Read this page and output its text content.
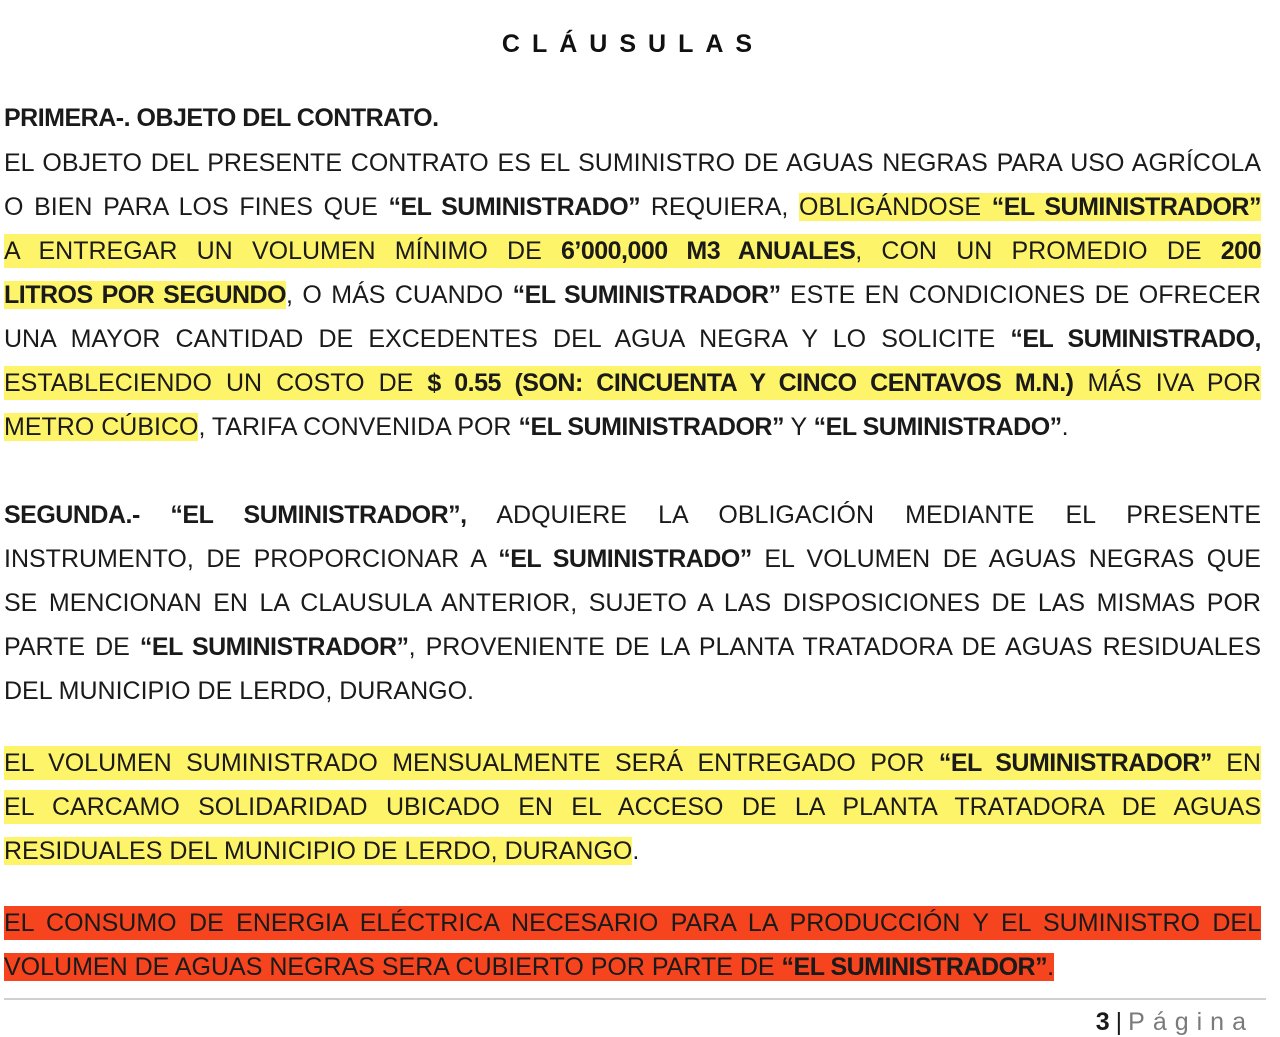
CLÁUSULAS
PRIMERA-. OBJETO DEL CONTRATO.
EL OBJETO DEL PRESENTE CONTRATO ES EL SUMINISTRO DE AGUAS NEGRAS PARA USO AGRÍCOLA
O BIEN PARA LOS FINES QUE “EL SUMINISTRADO” REQUIERA, OBLIGÁNDOSE “EL SUMINISTRADOR”
A ENTREGAR UN VOLUMEN MÍNIMO DE 6’000,000 M3 ANUALES, CON UN PROMEDIO DE 200
LITROS POR SEGUNDO, O MÁS CUANDO “EL SUMINISTRADOR” ESTE EN CONDICIONES DE OFRECER
UNA MAYOR CANTIDAD DE EXCEDENTES DEL AGUA NEGRA Y LO SOLICITE “EL SUMINISTRADO,
ESTABLECIENDO UN COSTO DE $ 0.55 (SON: CINCUENTA Y CINCO CENTAVOS M.N.) MÁS IVA POR
METRO CÚBICO, TARIFA CONVENIDA POR “EL SUMINISTRADOR” Y “EL SUMINISTRADO”.
SEGUNDA.- “EL SUMINISTRADOR”, ADQUIERE LA OBLIGACIÓN MEDIANTE EL PRESENTE
INSTRUMENTO, DE PROPORCIONAR A “EL SUMINISTRADO” EL VOLUMEN DE AGUAS NEGRAS QUE
SE MENCIONAN EN LA CLAUSULA ANTERIOR, SUJETO A LAS DISPOSICIONES DE LAS MISMAS POR
PARTE DE “EL SUMINISTRADOR”, PROVENIENTE DE LA PLANTA TRATADORA DE AGUAS RESIDUALES
DEL MUNICIPIO DE LERDO, DURANGO.
EL VOLUMEN SUMINISTRADO MENSUALMENTE SERÁ ENTREGADO POR “EL SUMINISTRADOR” EN
EL CARCAMO SOLIDARIDAD UBICADO EN EL ACCESO DE LA PLANTA TRATADORA DE AGUAS
RESIDUALES DEL MUNICIPIO DE LERDO, DURANGO.
EL CONSUMO DE ENERGIA ELÉCTRICA NECESARIO PARA LA PRODUCCIÓN Y EL SUMINISTRO DEL
VOLUMEN DE AGUAS NEGRAS SERA CUBIERTO POR PARTE DE “EL SUMINISTRADOR”.
3 | Página
